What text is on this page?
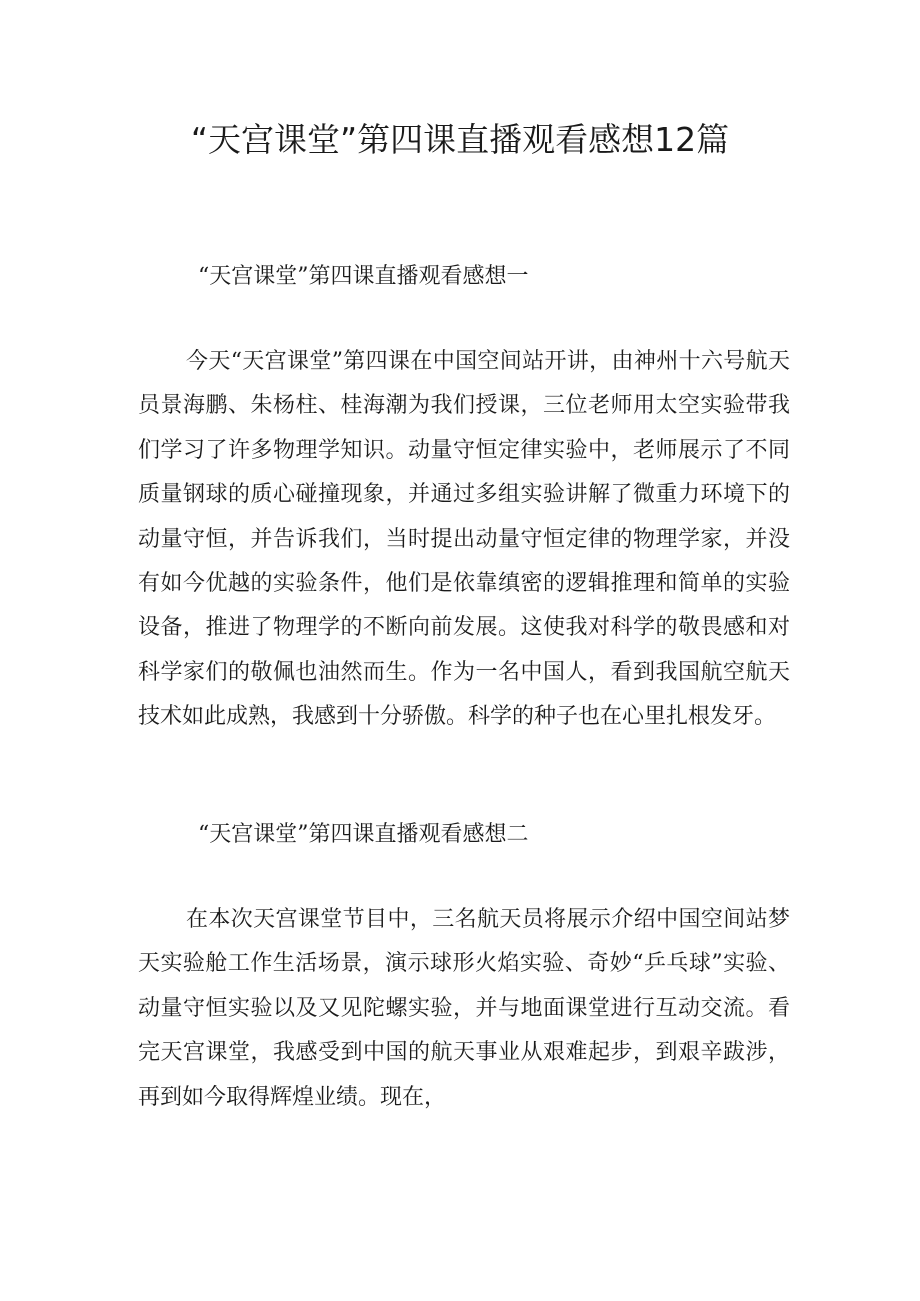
“天宫课堂”第四课直播观看感想12篇
“天宫课堂”第四课直播观看感想一

今天“天宫课堂”第四课在中国空间站开讲，由神州十六号航天员景海鹏、朱杨柱、桂海潮为我们授课，三位老师用太空实验带我们学习了许多物理学知识。动量守恒定律实验中，老师展示了不同质量钢球的质心碰撞现象，并通过多组实验讲解了微重力环境下的动量守恒，并告诉我们，当时提出动量守恒定律的物理学家，并没有如今优越的实验条件，他们是依靠缜密的逻辑推理和简单的实验设备，推进了物理学的不断向前发展。这使我对科学的敬畏感和对科学家们的敬佩也油然而生。作为一名中国人，看到我国航空航天技术如此成熟，我感到十分骄傲。科学的种子也在心里扎根发牙。

“天宫课堂”第四课直播观看感想二

在本次天宫课堂节目中，三名航天员将展示介绍中国空间站梦天实验舱工作生活场景，演示球形火焰实验、奇妙“乒乓球”实验、动量守恒实验以及又见陀螺实验，并与地面课堂进行互动交流。看完天宫课堂，我感受到中国的航天事业从艰难起步，到艰辛跋涉，再到如今取得辉煌业绩。现在，
